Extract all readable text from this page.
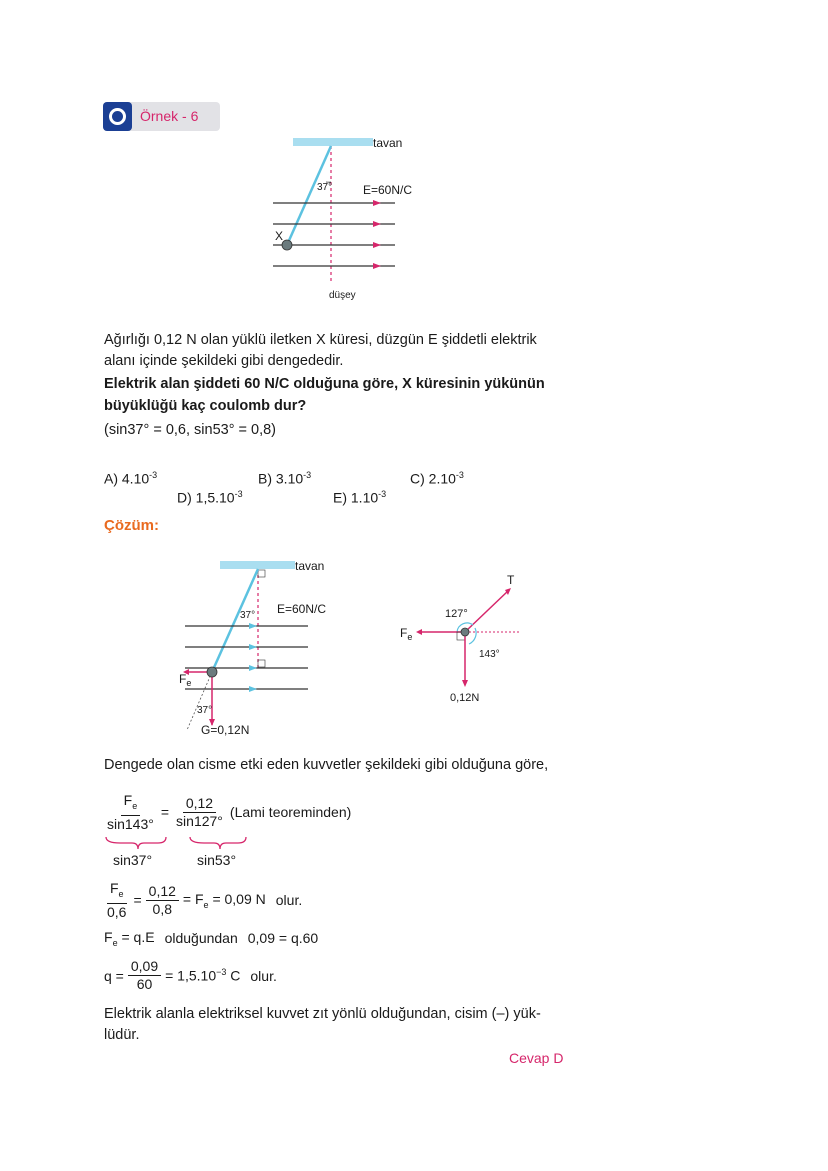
Örnek - 6
tavan
37°	E=60N/C
X
düşey
Ağırlığı 0,12 N olan yüklü iletken X küresi, düzgün E şiddetli elektrik
alanı içinde şekildeki gibi dengededir.
Elektrik alan şiddeti 60 N/C olduğuna göre, X küresinin yükünün
büyüklüğü kaç coulomb dur?
(sin37° = 0,6, sin53° = 0,8)
A) $4.10^{-3}$	B) $3.10^{-3}$	C) $2.10^{-3}$
D) $1,5.10^{-3}$	E) $1.10^{-3}$
Çözüm:
tavan
37° E=60N/C
$F_e$
37°
G=0,12N
T
127°
$F_e$
143°
0,12N
Dengede olan cisme etki eden kuvvetler şekildeki gibi olduğuna göre,
$\frac{F_e}{\sin 143^\circ} = \frac{0,12}{\sin 127^\circ}$ (Lami teoreminden)
sin37°	sin53°
$\frac{F_e}{0,6} = \frac{0,12}{0,8} = F_e = 0,09$ N olur.
$F_e = q.E$ olduğundan 0,09 = q.60
$q = \frac{0,09}{60} = 1,5.10^{-3}$ C olur.
Elektrik alanla elektriksel kuvvet zıt yönlü olduğundan, cisim (–) yük-
lüdür.
Cevap D
